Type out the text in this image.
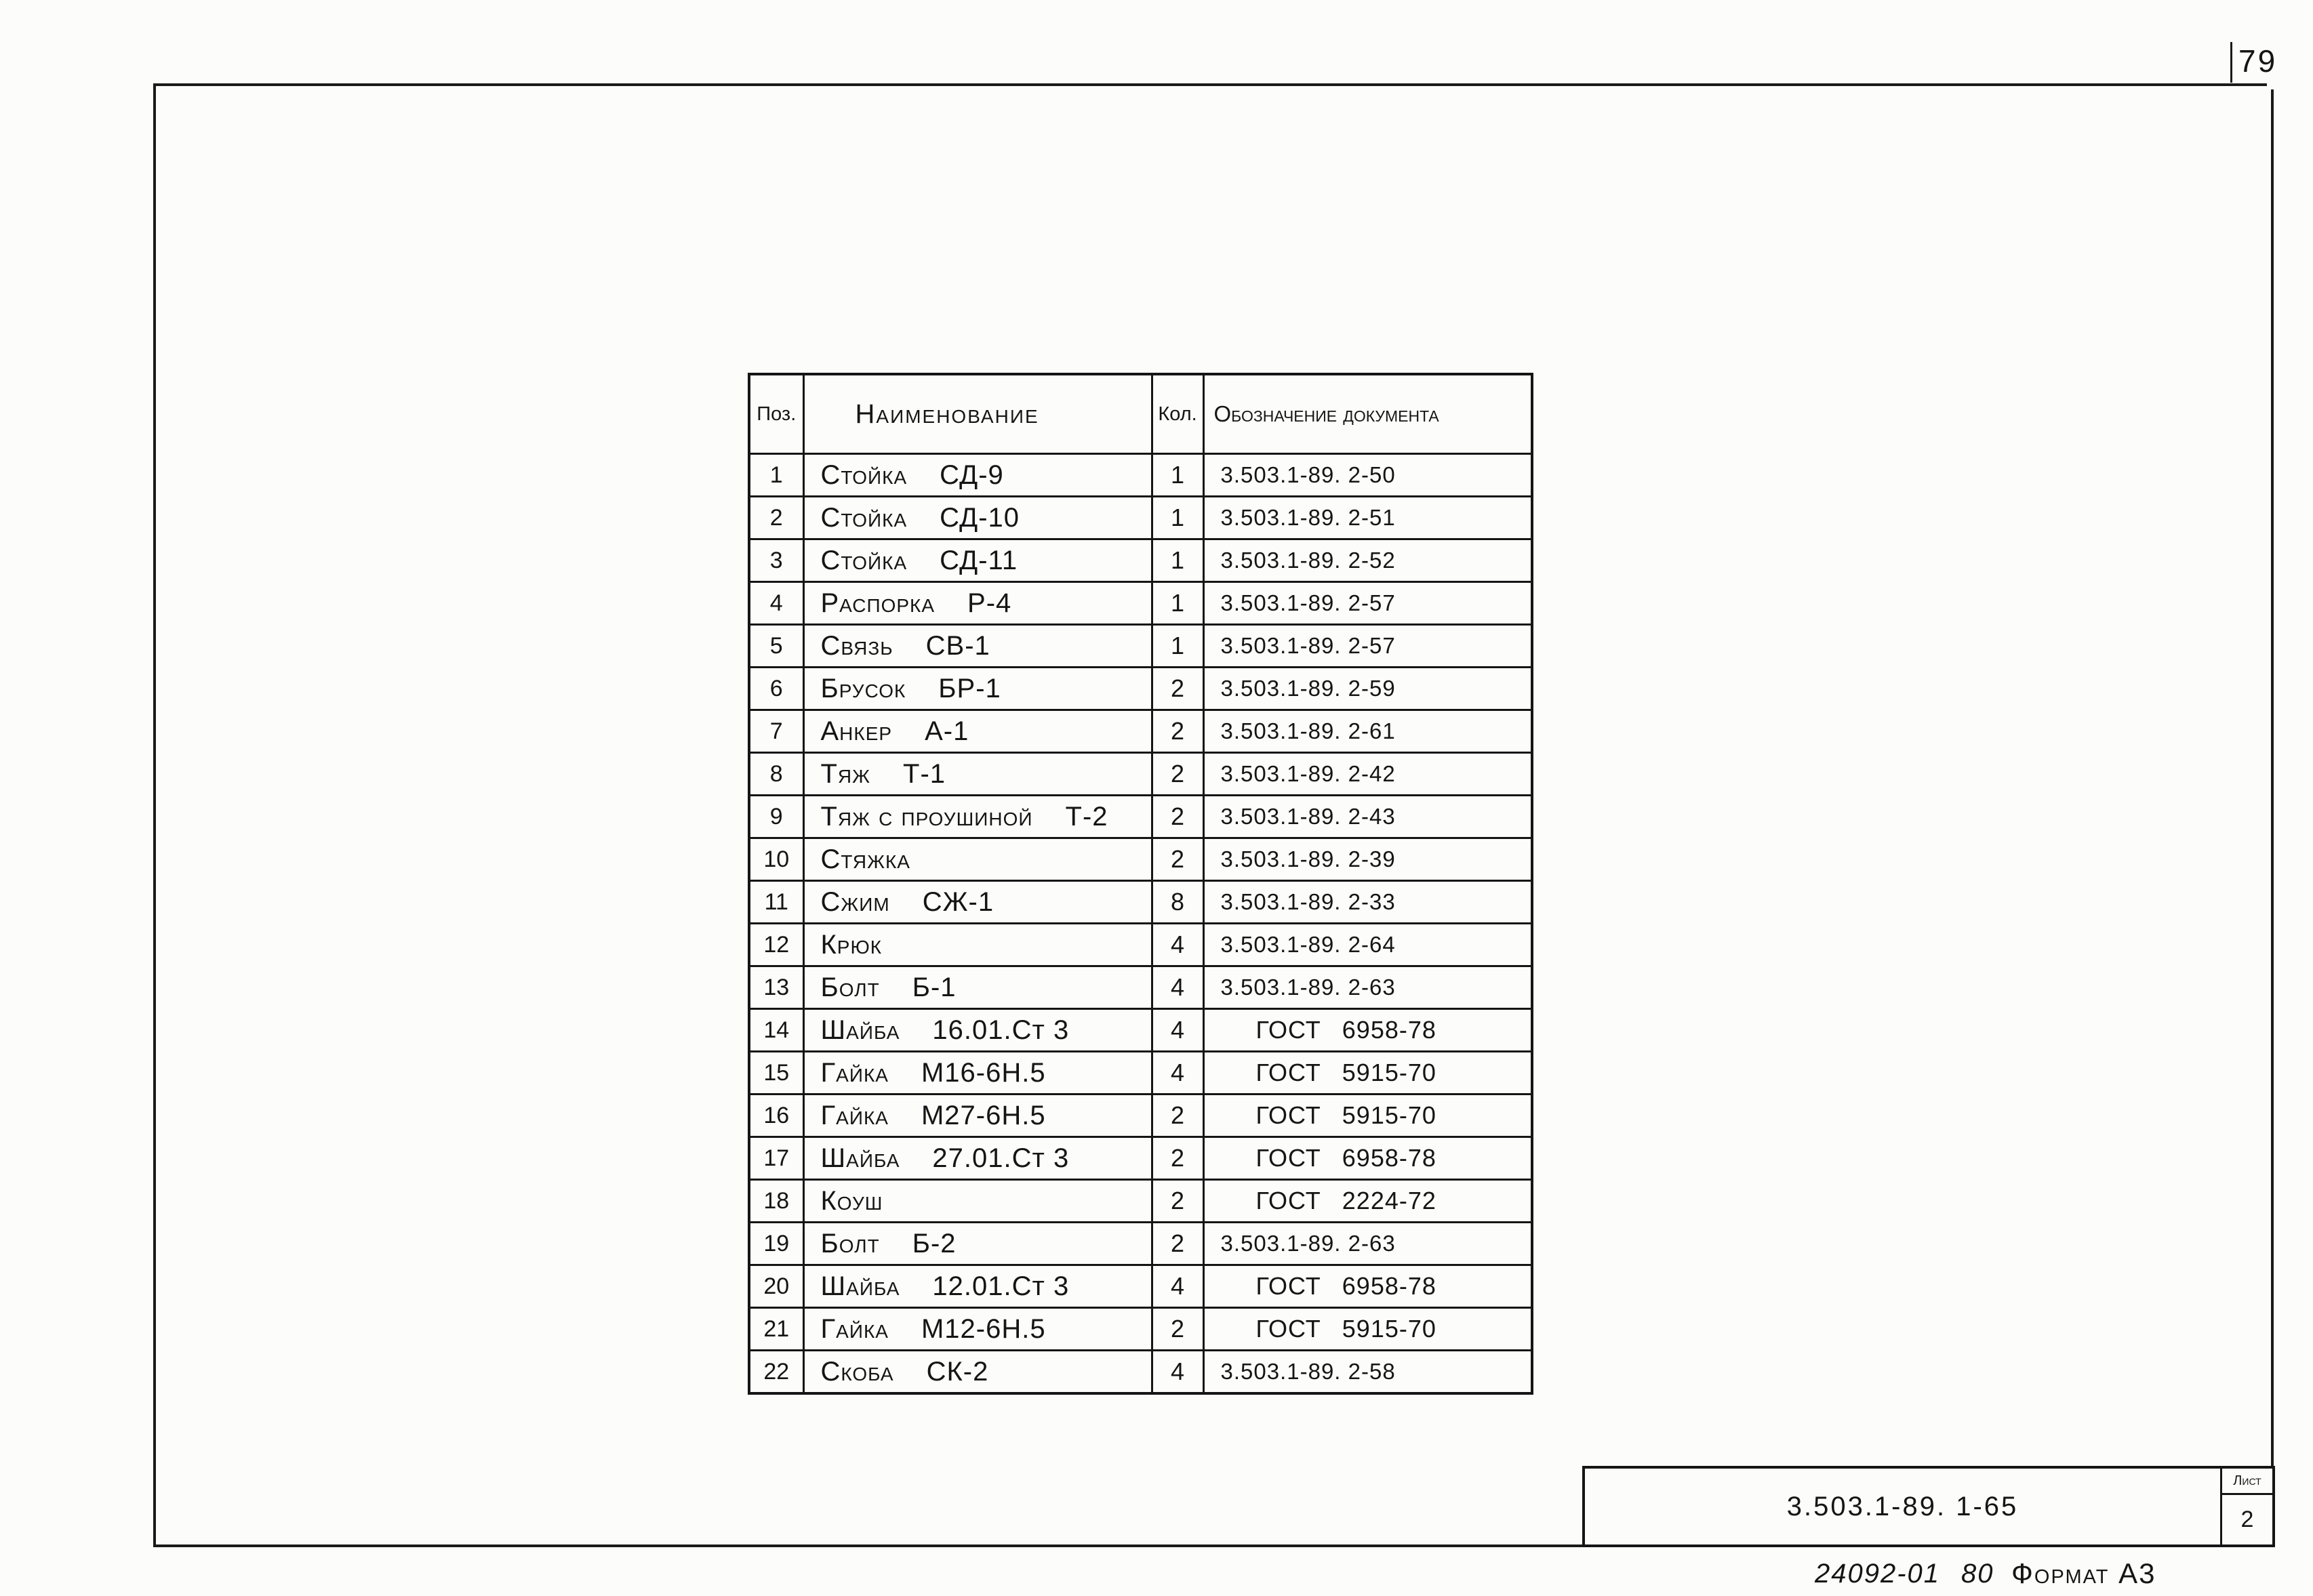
79
Поз.	Наименование	Кол.	Обозначение документа
1	Стойка СД-9	1	3.503.1-89. 2-50
2	Стойка СД-10	1	3.503.1-89. 2-51
3	Стойка СД-11	1	3.503.1-89. 2-52
4	Распорка Р-4	1	3.503.1-89. 2-57
5	Связь СВ-1	1	3.503.1-89. 2-57
6	Брусок БР-1	2	3.503.1-89. 2-59
7	Анкер А-1	2	3.503.1-89. 2-61
8	Тяж Т-1	2	3.503.1-89. 2-42
9	Тяж с проушиной Т-2	2	3.503.1-89. 2-43
10	Стяжка	2	3.503.1-89. 2-39
11	Сжим СЖ-1	8	3.503.1-89. 2-33
12	Крюк	4	3.503.1-89. 2-64
13	Болт Б-1	4	3.503.1-89. 2-63
14	Шайба 16.01.Ст 3	4	ГОСТ 6958-78
15	Гайка М16-6Н.5	4	ГОСТ 5915-70
16	Гайка М27-6Н.5	2	ГОСТ 5915-70
17	Шайба 27.01.Ст 3	2	ГОСТ 6958-78
18	Коуш	2	ГОСТ 2224-72
19	Болт Б-2	2	3.503.1-89. 2-63
20	Шайба 12.01.Ст 3	4	ГОСТ 6958-78
21	Гайка М12-6Н.5	2	ГОСТ 5915-70
22	Скоба СК-2	4	3.503.1-89. 2-58
3.503.1-89. 1-65
Лист
2
24092-01 80 Формат А3
